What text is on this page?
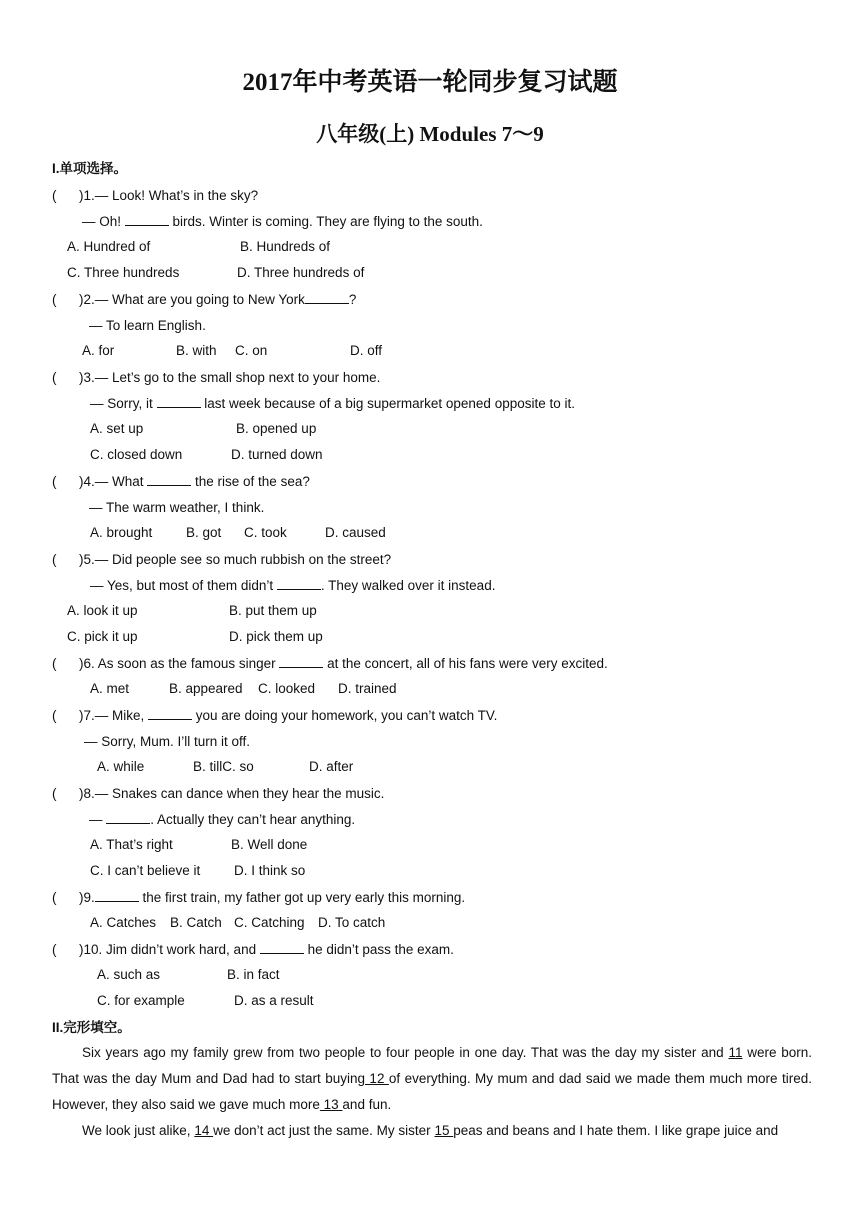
2017年中考英语一轮同步复习试题
八年级(上) Modules 7～9
I.单项选择。
(      )1.— Look! What’s in the sky?
— Oh!	birds. Winter is coming. They are flying to the south.
A. Hundred of	B. Hundreds of
C. Three hundreds	D. Three hundreds of
(      )2.— What are you going to New York	?
— To learn English.
A. for	B. with C. on	D. off
(      )3.— Let’s go to the small shop next to your home.
— Sorry, it	last week because of a big supermarket opened opposite to it.
A. set up	B. opened up
C. closed down	D. turned down
(      )4.— What	the rise of the sea?
— The warm weather, I think.
A. brought B. got C. took	D. caused
(      )5.— Did people see so much rubbish on the street?
— Yes, but most of them didn’t	. They walked over it instead.
A. look it up	B. put them up
C. pick it up	D. pick them up
(      )6. As soon as the famous singer	at the concert, all of his fans were very excited.
A. met	B. appeared C. looked D. trained
(      )7.— Mike,	you are doing your homework, you can’t watch TV.
— Sorry, Mum. I’ll turn it off.
A. while	B. tillC. so	D. after
(      )8.— Snakes can dance when they hear the music.
—	. Actually they can’t hear anything.
A. That’s right	B. Well done
C. I can’t believe it D. I think so
(      )9.	the first train, my father got up very early this morning.
A. Catches B. Catch C. Catching D. To catch
(      )10. Jim didn’t work hard, and	he didn’t pass the exam.
A. such as	B. in fact
C. for example	D. as a result
II.完形填空。

Six years ago my family grew from two people to four people in one day. That was the day my sister and 11 were born. That was the day Mum and Dad had to start buying 12 of everything. My mum and dad said we made them much more tired. However, they also said we gave much more 13 and fun.

We look just alike, 14 we don’t act just the same. My sister 15 peas and beans and I hate them. I like grape juice and
